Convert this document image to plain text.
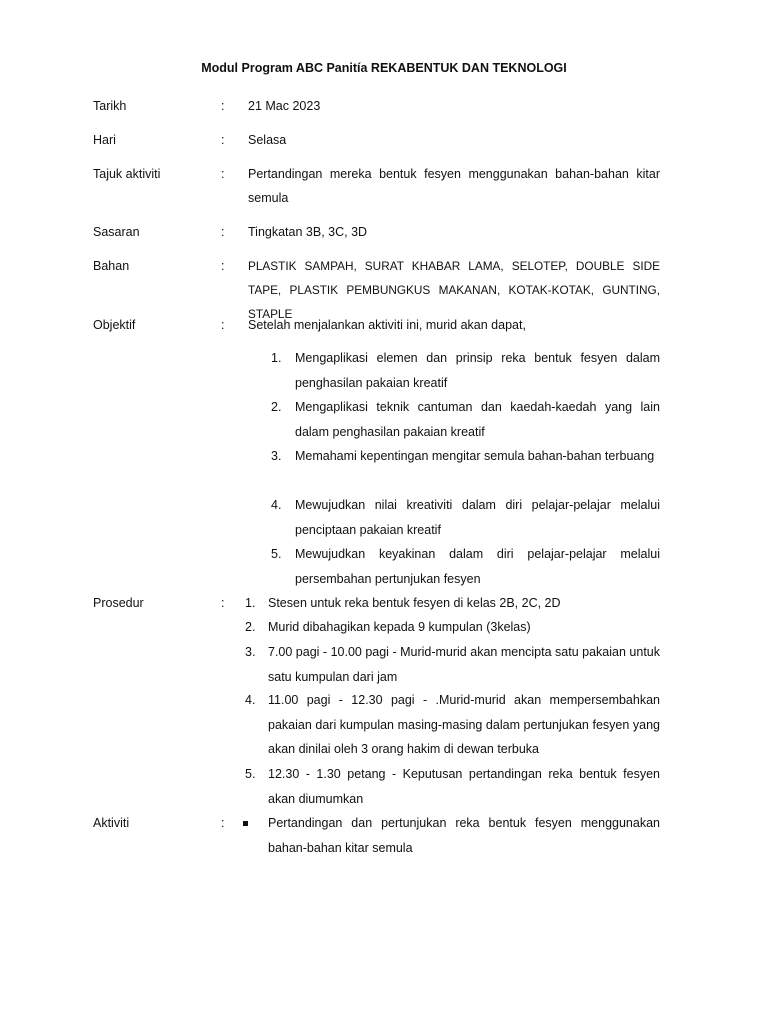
Modul Program ABC Panitía REKABENTUK DAN TEKNOLOGI
Tarikh	: 21 Mac 2023
Hari	: Selasa
Tajuk aktiviti	: Pertandingan mereka bentuk fesyen menggunakan bahan-bahan kitar semula
Sasaran	: Tingkatan 3B, 3C, 3D
Bahan	: PLASTIK SAMPAH, SURAT KHABAR LAMA, SELOTEP, DOUBLE SIDE TAPE, PLASTIK PEMBUNGKUS MAKANAN, KOTAK-KOTAK, GUNTING, STAPLE
Objektif	: Setelah menjalankan aktiviti ini, murid akan dapat,
1. Mengaplikasi elemen dan prinsip reka bentuk fesyen dalam penghasilan pakaian kreatif
2. Mengaplikasi teknik cantuman dan kaedah-kaedah yang lain dalam penghasilan pakaian kreatif
3. Memahami kepentingan mengitar semula bahan-bahan terbuang
4. Mewujudkan nilai kreativiti dalam diri pelajar-pelajar melalui penciptaan pakaian kreatif
5. Mewujudkan keyakinan dalam diri pelajar-pelajar melalui persembahan pertunjukan fesyen
Prosedur	: 1. Stesen untuk reka bentuk fesyen di kelas 2B, 2C, 2D
2. Murid dibahagikan kepada 9 kumpulan (3kelas)
3. 7.00 pagi - 10.00 pagi - Murid-murid akan mencipta satu pakaian untuk satu kumpulan dari jam
4. 11.00 pagi - 12.30 pagi - .Murid-murid akan mempersembahkan pakaian dari kumpulan masing-masing dalam pertunjukan fesyen yang akan dinilai oleh 3 orang hakim di dewan terbuka
5. 12.30 - 1.30 petang - Keputusan pertandingan reka bentuk fesyen akan diumumkan
Aktiviti	:	Pertandingan dan pertunjukan reka bentuk fesyen menggunakan bahan-bahan kitar semula
